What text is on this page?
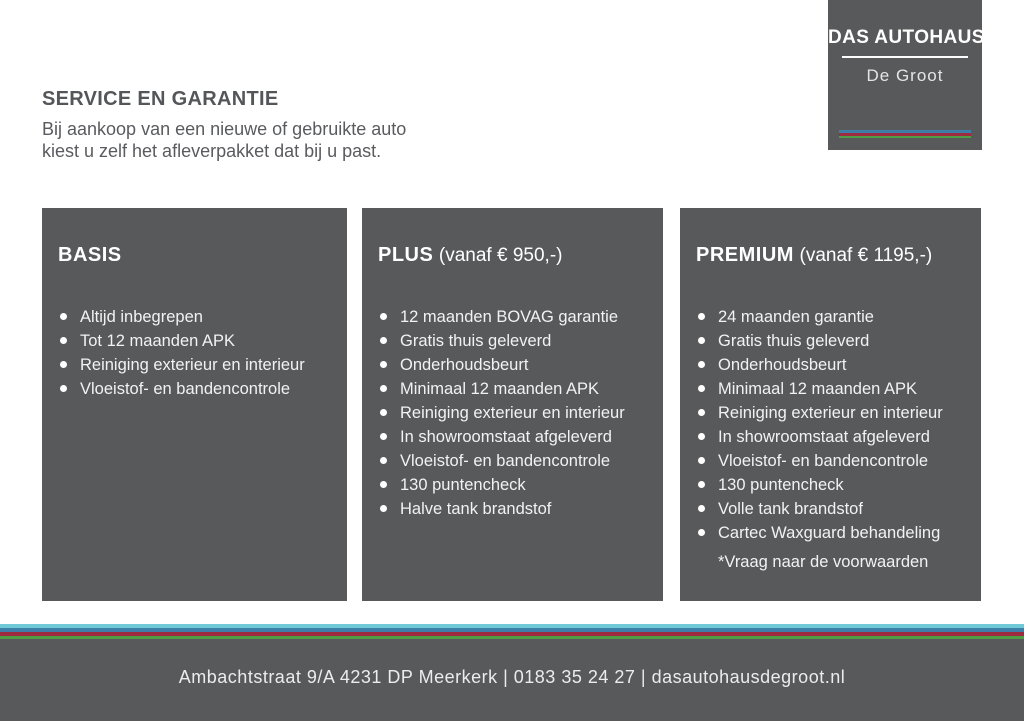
DAS AUTOHAUS
De Groot
SERVICE EN GARANTIE
Bij aankoop van een nieuwe of gebruikte auto
kiest u zelf het afleverpakket dat bij u past.
BASIS
Altijd inbegrepen
Tot 12 maanden APK
Reiniging exterieur en interieur
Vloeistof- en bandencontrole
PLUS (vanaf € 950,-)
12 maanden BOVAG garantie
Gratis thuis geleverd
Onderhoudsbeurt
Minimaal 12 maanden APK
Reiniging exterieur en interieur
In showroomstaat afgeleverd
Vloeistof- en bandencontrole
130 puntencheck
Halve tank brandstof
PREMIUM (vanaf € 1195,-)
24 maanden garantie
Gratis thuis geleverd
Onderhoudsbeurt
Minimaal 12 maanden APK
Reiniging exterieur en interieur
In showroomstaat afgeleverd
Vloeistof- en bandencontrole
130 puntencheck
Volle tank brandstof
Cartec Waxguard behandeling
*Vraag naar de voorwaarden
Ambachtstraat 9/A 4231 DP Meerkerk | 0183 35 24 27 | dasautohausdegroot.nl
